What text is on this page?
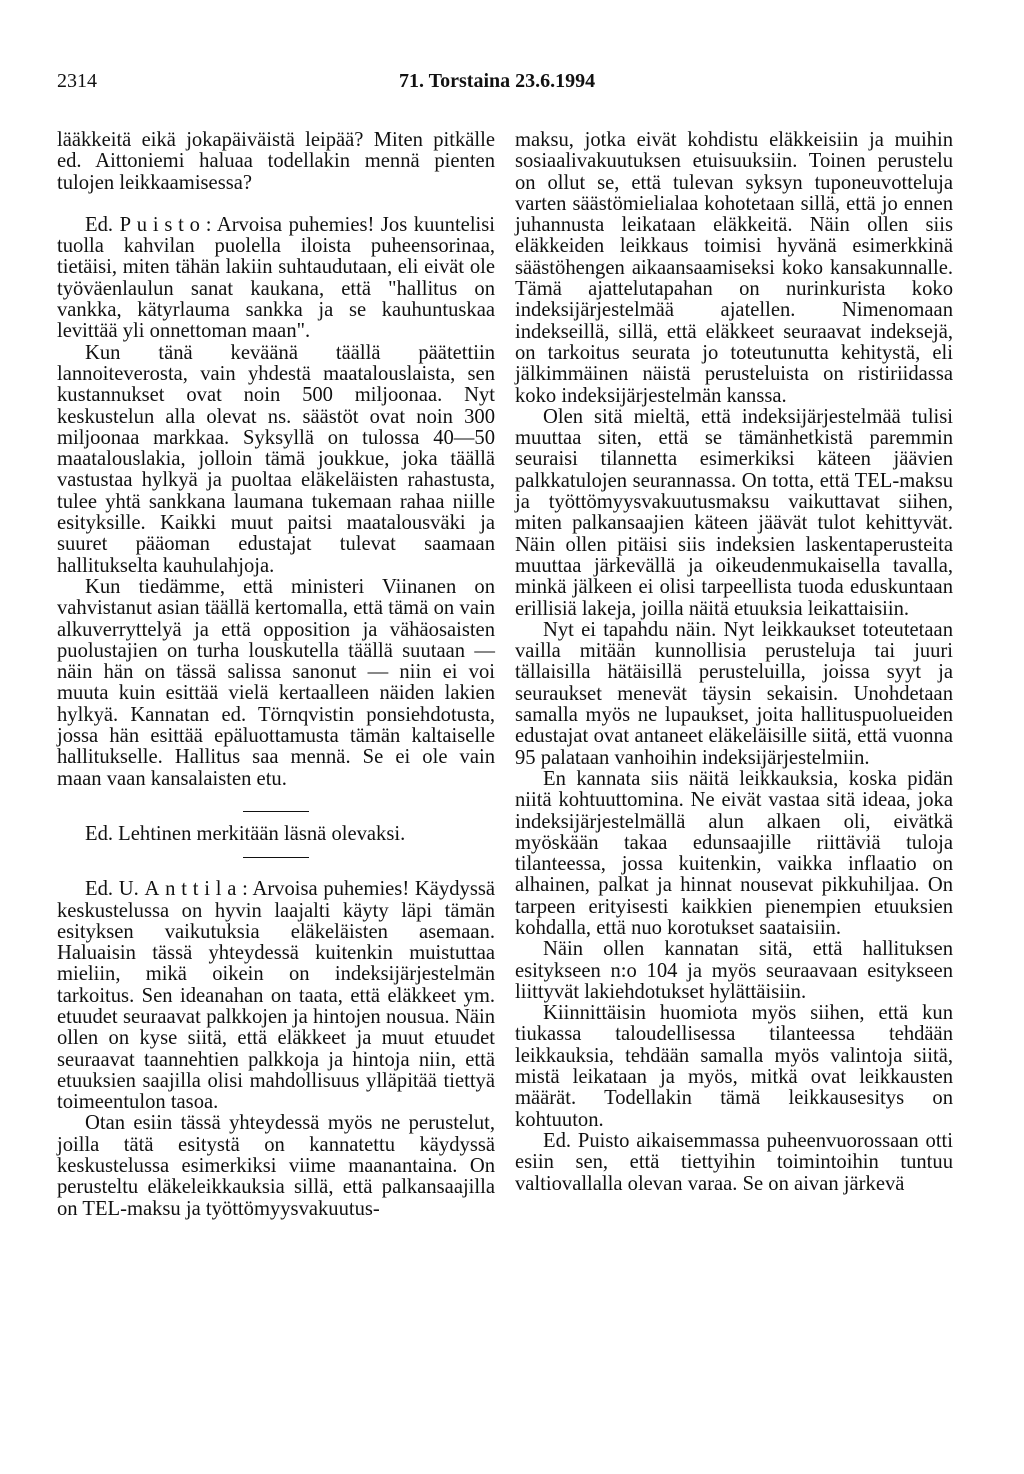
2314	71. Torstaina 23.6.1994

lääkkeitä eikä jokapäiväistä leipää? Miten pitkälle ed. Aittoniemi haluaa todellakin mennä pienten tulojen leikkaamisessa?

Ed. Puisto: Arvoisa puhemies! Jos kuuntelisi tuolla kahvilan puolella iloista puheensorinaa, tietäisi, miten tähän lakiin suhtaudutaan, eli eivät ole työväenlaulun sanat kaukana, että "hallitus on vankka, kätyrlauma sankka ja se kauhuntuskaa levittää yli onnettoman maan".

Kun tänä keväänä täällä päätettiin lannoiteverosta, vain yhdestä maatalouslaista, sen kustannukset ovat noin 500 miljoonaa. Nyt keskustelun alla olevat ns. säästöt ovat noin 300 miljoonaa markkaa. Syksyllä on tulossa 40—50 maatalouslakia, jolloin tämä joukkue, joka täällä vastustaa hylkyä ja puoltaa eläkeläisten rahastusta, tulee yhtä sankkana laumana tukemaan rahaa niille esityksille. Kaikki muut paitsi maatalousväki ja suuret pääoman edustajat tulevat saamaan hallitukselta kauhulahjoja.

Kun tiedämme, että ministeri Viinanen on vahvistanut asian täällä kertomalla, että tämä on vain alkuverryttelyä ja että opposition ja vähäosaisten puolustajien on turha louskutella täällä suutaan — näin hän on tässä salissa sanonut — niin ei voi muuta kuin esittää vielä kertaalleen näiden lakien hylkyä. Kannatan ed. Törnqvistin ponsiehdotusta, jossa hän esittää epäluottamusta tämän kaltaiselle hallitukselle. Hallitus saa mennä. Se ei ole vain maan vaan kansalaisten etu.

Ed. Lehtinen merkitään läsnä olevaksi.

Ed. U. Anttila: Arvoisa puhemies! Käydyssä keskustelussa on hyvin laajalti käyty läpi tämän esityksen vaikutuksia eläkeläisten asemaan. Haluaisin tässä yhteydessä kuitenkin muistuttaa mieliin, mikä oikein on indeksijärjestelmän tarkoitus. Sen ideanahan on taata, että eläkkeet ym. etuudet seuraavat palkkojen ja hintojen nousua. Näin ollen on kyse siitä, että eläkkeet ja muut etuudet seuraavat taannehtien palkkoja ja hintoja niin, että etuuksien saajilla olisi mahdollisuus ylläpitää tiettyä toimeentulon tasoa.

Otan esiin tässä yhteydessä myös ne perustelut, joilla tätä esitystä on kannatettu käydyssä keskustelussa esimerkiksi viime maanantaina. On perusteltu eläkeleikkauksia sillä, että palkansaajilla on TEL-maksu ja työttömyysvakuutus-

maksu, jotka eivät kohdistu eläkkeisiin ja muihin sosiaalivakuutuksen etuisuuksiin. Toinen perustelu on ollut se, että tulevan syksyn tuponeuvotteluja varten säästömielialaa kohotetaan sillä, että jo ennen juhannusta leikataan eläkkeitä. Näin ollen siis eläkkeiden leikkaus toimisi hyvänä esimerkkinä säästöhengen aikaansaamiseksi koko kansakunnalle. Tämä ajattelutapahan on nurinkurista koko indeksijärjestelmää ajatellen. Nimenomaan indekseillä, sillä, että eläkkeet seuraavat indeksejä, on tarkoitus seurata jo toteutunutta kehitystä, eli jälkimmäinen näistä perusteluista on ristiriidassa koko indeksijärjestelmän kanssa.

Olen sitä mieltä, että indeksijärjestelmää tulisi muuttaa siten, että se tämänhetkistä paremmin seuraisi tilannetta esimerkiksi käteen jäävien palkkatulojen seurannassa. On totta, että TEL-maksu ja työttömyysvakuutusmaksu vaikuttavat siihen, miten palkansaajien käteen jäävät tulot kehittyvät. Näin ollen pitäisi siis indeksien laskentaperusteita muuttaa järkevällä ja oikeudenmukaisella tavalla, minkä jälkeen ei olisi tarpeellista tuoda eduskuntaan erillisiä lakeja, joilla näitä etuuksia leikattaisiin.

Nyt ei tapahdu näin. Nyt leikkaukset toteutetaan vailla mitään kunnollisia perusteluja tai juuri tällaisilla hätäisillä perusteluilla, joissa syyt ja seuraukset menevät täysin sekaisin. Unohdetaan samalla myös ne lupaukset, joita hallituspuolueiden edustajat ovat antaneet eläkeläisille siitä, että vuonna 95 palataan vanhoihin indeksijärjestelmiin.

En kannata siis näitä leikkauksia, koska pidän niitä kohtuuttomina. Ne eivät vastaa sitä ideaa, joka indeksijärjestelmällä alun alkaen oli, eivätkä myöskään takaa edunsaajille riittäviä tuloja tilanteessa, jossa kuitenkin, vaikka inflaatio on alhainen, palkat ja hinnat nousevat pikkuhiljaa. On tarpeen erityisesti kaikkien pienempien etuuksien kohdalla, että nuo korotukset saataisiin.

Näin ollen kannatan sitä, että hallituksen esitykseen n:o 104 ja myös seuraavaan esitykseen liittyvät lakiehdotukset hylättäisiin.

Kiinnittäisin huomiota myös siihen, että kun tiukassa taloudellisessa tilanteessa tehdään leikkauksia, tehdään samalla myös valintoja siitä, mistä leikataan ja myös, mitkä ovat leikkausten määrät. Todellakin tämä leikkausesitys on kohtuuton.

Ed. Puisto aikaisemmassa puheenvuorossaan otti esiin sen, että tiettyihin toimintoihin tuntuu valtiovallalla olevan varaa. Se on aivan järkevä
